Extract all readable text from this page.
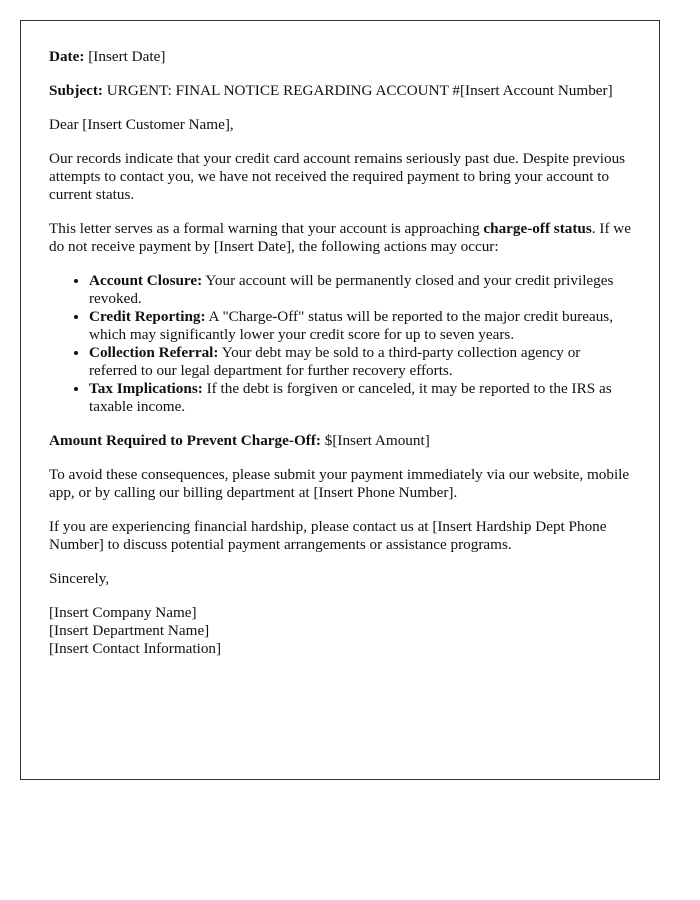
Date: [Insert Date]

Subject: URGENT: FINAL NOTICE REGARDING ACCOUNT #[Insert Account Number]

Dear [Insert Customer Name],

Our records indicate that your credit card account remains seriously past due. Despite previous attempts to contact you, we have not received the required payment to bring your account to current status.

This letter serves as a formal warning that your account is approaching charge-off status. If we do not receive payment by [Insert Date], the following actions may occur:

• Account Closure: Your account will be permanently closed and your credit privileges revoked.
• Credit Reporting: A "Charge-Off" status will be reported to the major credit bureaus, which may significantly lower your credit score for up to seven years.
• Collection Referral: Your debt may be sold to a third-party collection agency or referred to our legal department for further recovery efforts.
• Tax Implications: If the debt is forgiven or canceled, it may be reported to the IRS as taxable income.

Amount Required to Prevent Charge-Off: $[Insert Amount]

To avoid these consequences, please submit your payment immediately via our website, mobile app, or by calling our billing department at [Insert Phone Number].

If you are experiencing financial hardship, please contact us at [Insert Hardship Dept Phone Number] to discuss potential payment arrangements or assistance programs.

Sincerely,

[Insert Company Name]

[Insert Department Name]

[Insert Contact Information]
